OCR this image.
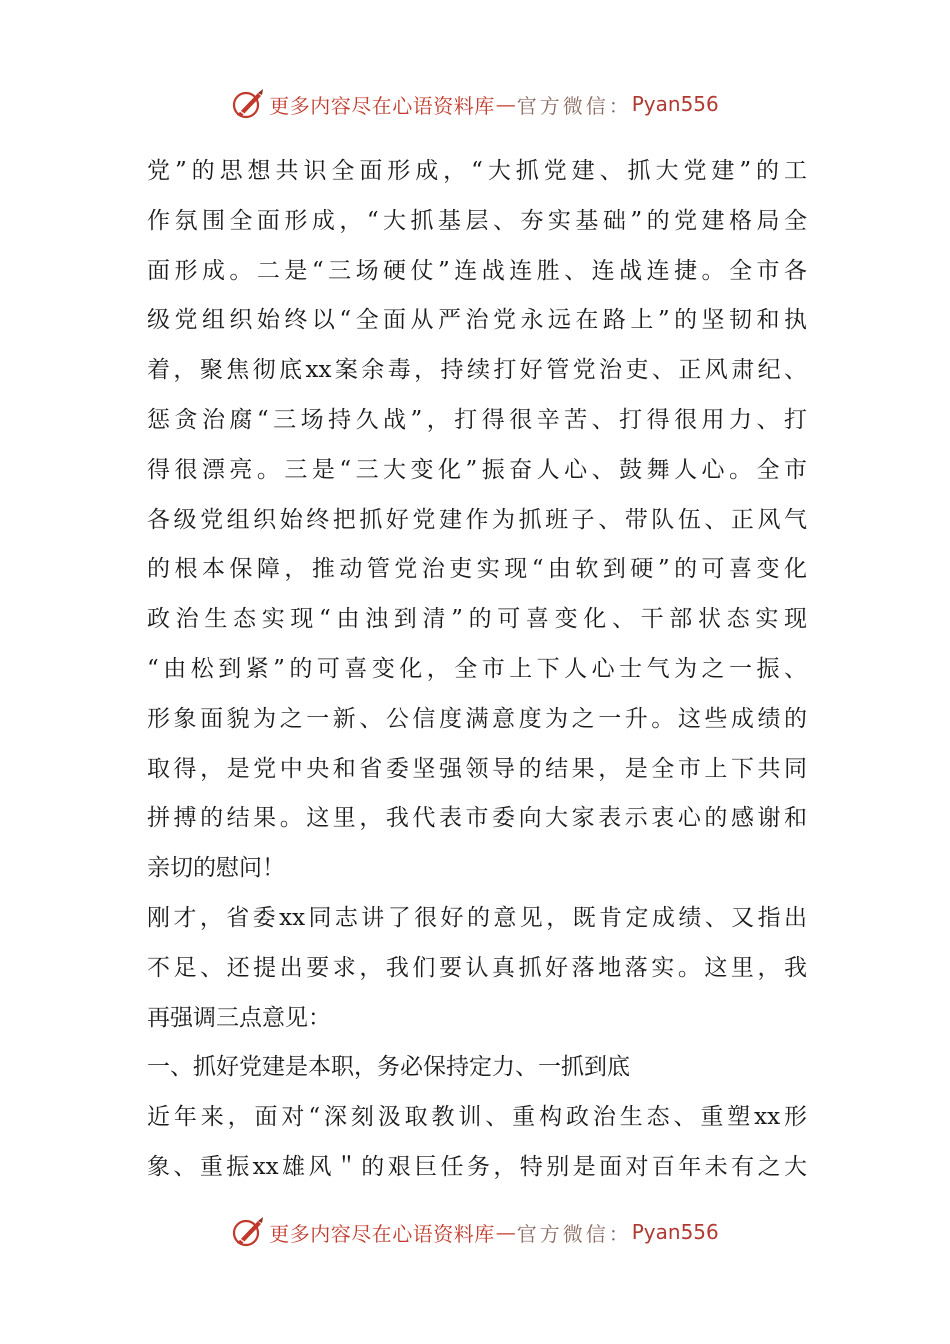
更多内容尽在心语资料库 — 官方微信： Pyan556
党”的思想共识全面形成，“大抓党建、抓大党建”的工
作氛围全面形成，“大抓基层、夯实基础”的党建格局全
面形成。二是“三场硬仗”连战连胜、连战连捷。全市各
级党组织始终以“全面从严治党永远在路上”的坚韧和执
着，聚焦彻底xx案余毒，持续打好管党治吏、正风肃纪、
惩贪治腐“三场持久战”，打得很辛苦、打得很用力、打
得很漂亮。三是“三大变化”振奋人心、鼓舞人心。全市
各级党组织始终把抓好党建作为抓班子、带队伍、正风气
的根本保障，推动管党治吏实现“由软到硬”的可喜变化
政治生态实现“由浊到清”的可喜变化、干部状态实现
“由松到紧”的可喜变化，全市上下人心士气为之一振、
形象面貌为之一新、公信度满意度为之一升。这些成绩的
取得，是党中央和省委坚强领导的结果，是全市上下共同
拼搏的结果。这里，我代表市委向大家表示衷心的感谢和
亲切的慰问！
刚才，省委xx同志讲了很好的意见，既肯定成绩、又指出
不足、还提出要求，我们要认真抓好落地落实。这里，我
再强调三点意见：
一、抓好党建是本职，务必保持定力、一抓到底
近年来，面对“深刻汲取教训、重构政治生态、重塑xx形
象、重振xx雄风＂的艰巨任务，特别是面对百年未有之大
更多内容尽在心语资料库 — 官方微信： Pyan556
